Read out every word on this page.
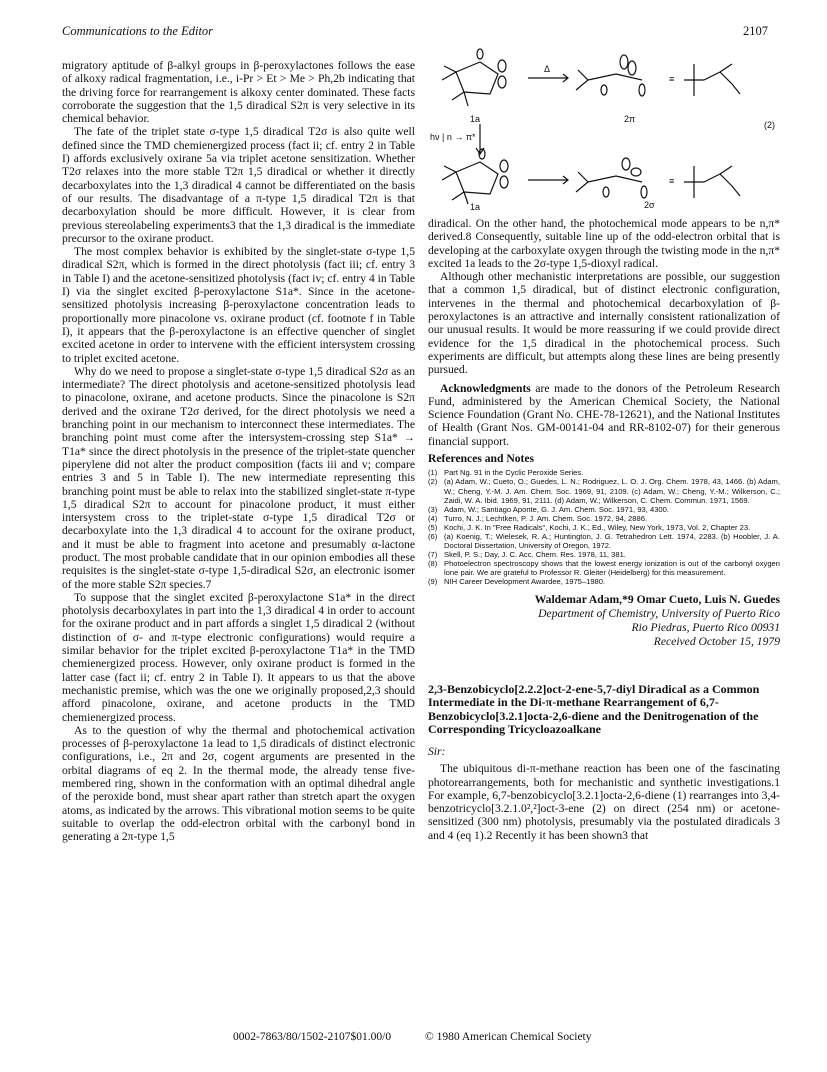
Communications to the Editor	2107
Δ
≡
≡
1a	2π
(2)
hν | n → π*
1a	2σ

migratory aptitude of β-alkyl groups in β-peroxylactones follows the ease of alkoxy radical fragmentation, i.e., i-Pr > Et > Me > Ph,2b indicating that the driving force for rearrangement is alkoxy center dominated. These facts corroborate the suggestion that the 1,5 diradical S2π is very selective in its chemical behavior.

The fate of the triplet state σ-type 1,5 diradical T2σ is also quite well defined since the TMD chemienergized process (fact ii; cf. entry 2 in Table I) affords exclusively oxirane 5a via triplet acetone sensitization. Whether T2σ relaxes into the more stable T2π 1,5 diradical or whether it directly decarboxylates into the 1,3 diradical 4 cannot be differentiated on the basis of our results. The disadvantage of a π-type 1,5 diradical T2π is that decarboxylation should be more difficult. However, it is clear from previous stereolabeling experiments3 that the 1,3 diradical is the immediate precursor to the oxirane product.

The most complex behavior is exhibited by the singlet-state σ-type 1,5 diradical S2π, which is formed in the direct photolysis (fact iii; cf. entry 3 in Table I) and the acetone-sensitized photolysis (fact iv; cf. entry 4 in Table I) via the singlet excited β-peroxylactone S1a*. Since in the acetone-sensitized photolysis increasing β-peroxylactone concentration leads to proportionally more pinacolone vs. oxirane product (cf. footnote f in Table I), it appears that the β-peroxylactone is an effective quencher of singlet excited acetone in order to intervene with the efficient intersystem crossing to triplet excited acetone.

Why do we need to propose a singlet-state σ-type 1,5 diradical S2σ as an intermediate? The direct photolysis and acetone-sensitized photolysis lead to pinacolone, oxirane, and acetone products. Since the pinacolone is S2π derived and the oxirane T2σ derived, for the direct photolysis we need a branching point in our mechanism to interconnect these intermediates. The branching point must come after the intersystem-crossing step S1a* → T1a* since the direct photolysis in the presence of the triplet-state quencher piperylene did not alter the product composition (facts iii and v; compare entries 3 and 5 in Table I). The new intermediate representing this branching point must be able to relax into the stabilized singlet-state π-type 1,5 diradical S2π to account for pinacolone product, it must either intersystem cross to the triplet-state σ-type 1,5 diradical T2σ or decarboxylate into the 1,3 diradical 4 to account for the oxirane product, and it must be able to fragment into acetone and presumably α-lactone product. The most probable candidate that in our opinion embodies all these requisites is the singlet-state σ-type 1,5-diradical S2σ, an electronic isomer of the more stable S2π species.7

To suppose that the singlet excited β-peroxylactone S1a* in the direct photolysis decarboxylates in part into the 1,3 diradical 4 in order to account for the oxirane product and in part affords a singlet 1,5 diradical 2 (without distinction of σ- and π-type electronic configurations) would require a similar behavior for the triplet excited β-peroxylactone T1a* in the TMD chemienergized process. However, only oxirane product is formed in the latter case (fact ii; cf. entry 2 in Table I). It appears to us that the above mechanistic premise, which was the one we originally proposed,2,3 should afford pinacolone, oxirane, and acetone products in the TMD chemienergized process.

As to the question of why the thermal and photochemical activation processes of β-peroxylactone 1a lead to 1,5 diradicals of distinct electronic configurations, i.e., 2π and 2σ, cogent arguments are presented in the orbital diagrams of eq 2. In the thermal mode, the already tense five-membered ring, shown in the conformation with an optimal dihedral angle of the peroxide bond, must shear apart rather than stretch apart the oxygen atoms, as indicated by the arrows. This vibrational motion seems to be quite suitable to overlap the odd-electron orbital with the carbonyl bond in generating a 2π-type 1,5

diradical. On the other hand, the photochemical mode appears to be n,π* derived.8 Consequently, suitable line up of the odd-electron orbital that is developing at the carboxylate oxygen through the twisting mode in the n,π* excited 1a leads to the 2σ-type 1,5-dioxyl radical.

Although other mechanistic interpretations are possible, our suggestion that a common 1,5 diradical, but of distinct electronic configuration, intervenes in the thermal and photochemical decarboxylation of β-peroxylactones is an attractive and internally consistent rationalization of our unusual results. It would be more reassuring if we could provide direct evidence for the 1,5 diradical in the photochemical process. Such experiments are difficult, but attempts along these lines are being presently pursued.

Acknowledgments are made to the donors of the Petroleum Research Fund, administered by the American Chemical Society, the National Science Foundation (Grant No. CHE-78-12621), and the National Institutes of Health (Grant Nos. GM-00141-04 and RR-8102-07) for their generous financial support.

References and Notes
(1) Part Ng. 91 in the Cyclic Peroxide Series.
(2) (a) Adam, W.; Cueto, O.; Guedes, L. N.; Rodriguez, L. O. J. Org. Chem. 1978, 43, 1466. (b) Adam, W.; Cheng, Y.-M. J. Am. Chem. Soc. 1969, 91, 2109. (c) Adam, W.; Cheng, Y.-M.; Wilkerson, C.; Zaidi, W. A. Ibid. 1969, 91, 2111. (d) Adam, W.; Wilkerson, C. Chem. Commun. 1971, 1569.
(3) Adam, W.; Santiago Aponte, G. J. Am. Chem. Soc. 1971, 93, 4300.
(4) Turro, N. J.; Lechtken, P. J. Am. Chem. Soc. 1972, 94, 2886.
(5) Kochi, J. K. In "Free Radicals", Kochi, J. K., Ed., Wiley, New York, 1973, Vol. 2, Chapter 23.
(6) (a) Koenig, T.; Wielesek, R. A.; Huntington, J. G. Tetrahedron Lett. 1974, 2283. (b) Hoobler, J. A. Doctoral Dissertation, University of Oregon, 1972.
(7) Skell, P. S.; Day, J. C. Acc. Chem. Res. 1978, 11, 381.
(8) Photoelectron spectroscopy shows that the lowest energy ionization is out of the carbonyl oxygen lone pair. We are grateful to Professor R. Gleiter (Heidelberg) for this measurement.
(9) NIH Career Development Awardee, 1975–1980.
Waldemar Adam,*9 Omar Cueto, Luis N. Guedes
Department of Chemistry, University of Puerto Rico
Rio Piedras, Puerto Rico 00931
Received October 15, 1979
2,3-Benzobicyclo[2.2.2]oct-2-ene-5,7-diyl Diradical as a Common Intermediate in the Di-π-methane Rearrangement of 6,7-Benzobicyclo[3.2.1]octa-2,6-diene and the Denitrogenation of the Corresponding Tricycloazoalkane
Sir:

The ubiquitous di-π-methane reaction has been one of the fascinating photorearrangements, both for mechanistic and synthetic investigations.1 For example, 6,7-benzobicyclo[3.2.1]octa-2,6-diene (1) rearranges into 3,4-benzotricyclo[3.2.1.0²,²]oct-3-ene (2) on direct (254 nm) or acetone-sensitized (300 nm) photolysis, presumably via the postulated diradicals 3 and 4 (eq 1).2 Recently it has been shown3 that

0002-7863/80/1502-2107$01.00/0	© 1980 American Chemical Society
